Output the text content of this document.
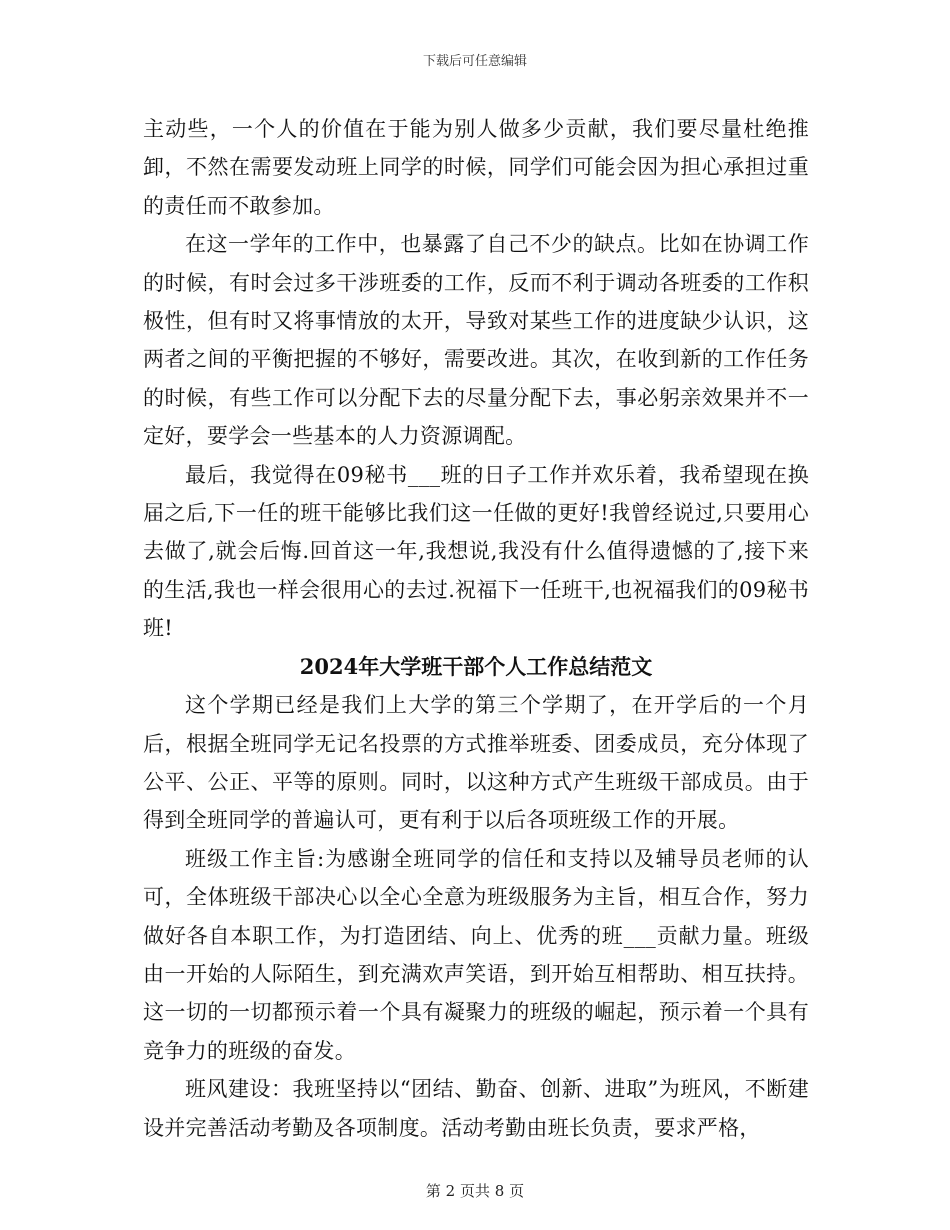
下载后可任意编辑

主动些，一个人的价值在于能为别人做多少贡献，我们要尽量杜绝推卸，不然在需要发动班上同学的时候，同学们可能会因为担心承担过重的责任而不敢参加。

在这一学年的工作中，也暴露了自己不少的缺点。比如在协调工作的时候，有时会过多干涉班委的工作，反而不利于调动各班委的工作积极性，但有时又将事情放的太开，导致对某些工作的进度缺少认识，这两者之间的平衡把握的不够好，需要改进。其次，在收到新的工作任务的时候，有些工作可以分配下去的尽量分配下去，事必躬亲效果并不一定好，要学会一些基本的人力资源调配。

最后，我觉得在09秘书___班的日子工作并欢乐着，我希望现在换届之后,下一任的班干能够比我们这一任做的更好!我曾经说过,只要用心去做了,就会后悔.回首这一年,我想说,我没有什么值得遗憾的了,接下来的生活,我也一样会很用心的去过.祝福下一任班干,也祝福我们的09秘书班!

2024年大学班干部个人工作总结范文

这个学期已经是我们上大学的第三个学期了，在开学后的一个月后，根据全班同学无记名投票的方式推举班委、团委成员，充分体现了公平、公正、平等的原则。同时，以这种方式产生班级干部成员。由于得到全班同学的普遍认可，更有利于以后各项班级工作的开展。

班级工作主旨:为感谢全班同学的信任和支持以及辅导员老师的认可，全体班级干部决心以全心全意为班级服务为主旨，相互合作，努力做好各自本职工作，为打造团结、向上、优秀的班___贡献力量。班级由一开始的人际陌生，到充满欢声笑语，到开始互相帮助、相互扶持。这一切的一切都预示着一个具有凝聚力的班级的崛起，预示着一个具有竞争力的班级的奋发。

班风建设：我班坚持以“团结、勤奋、创新、进取”为班风，不断建设并完善活动考勤及各项制度。活动考勤由班长负责，要求严格，

第 2 页共 8 页
